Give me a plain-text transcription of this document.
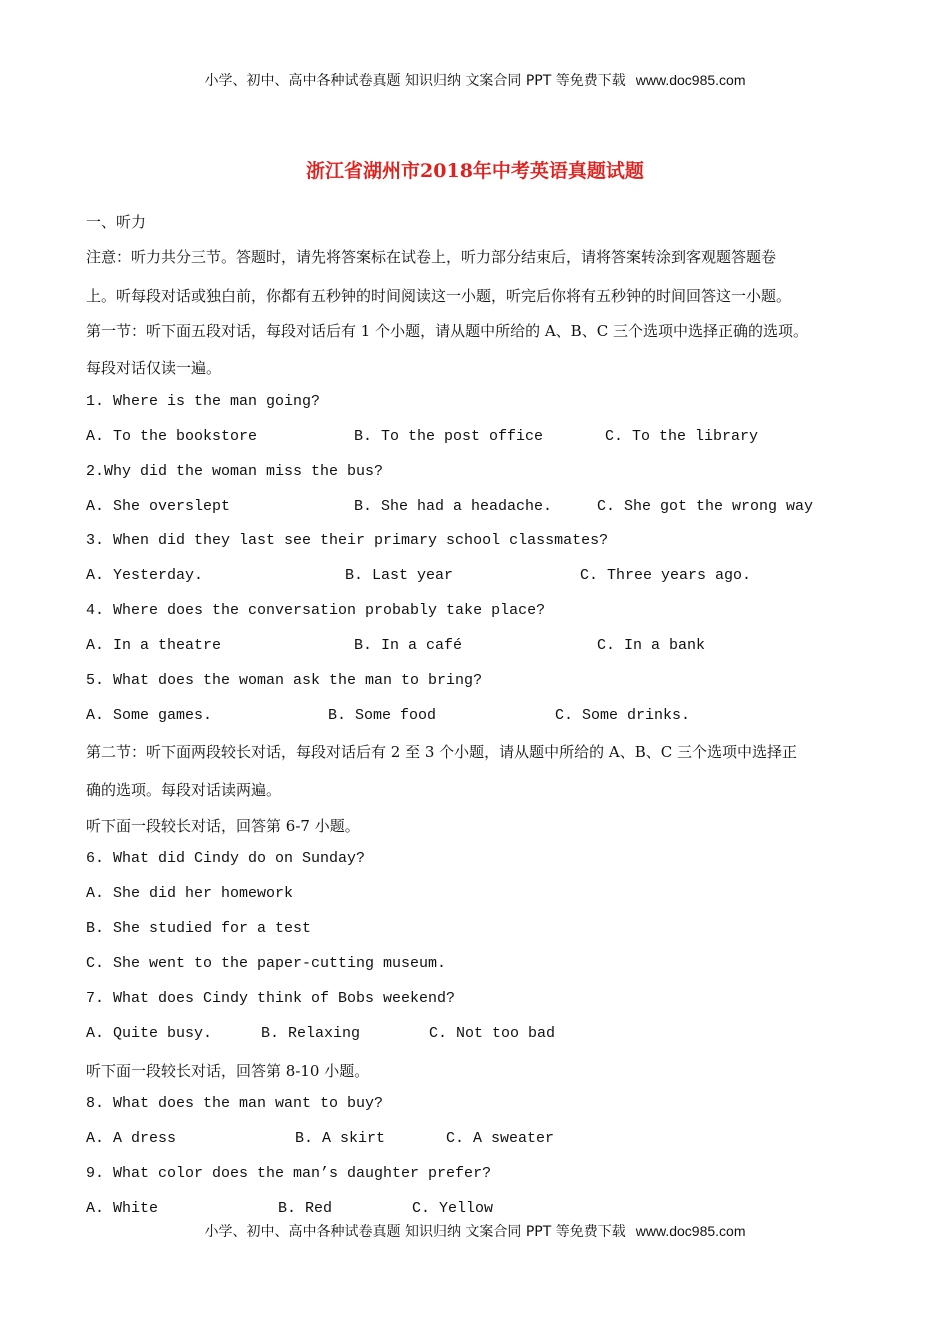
小学、初中、高中各种试卷真题 知识归纳 文案合同 PPT 等免费下载 www.doc985.com
浙江省湖州市2018年中考英语真题试题
一、听力
注意：听力共分三节。答题时，请先将答案标在试卷上，听力部分结束后，请将答案转涂到客观题答题卷
上。听每段对话或独白前，你都有五秒钟的时间阅读这一小题，听完后你将有五秒钟的时间回答这一小题。
第一节：听下面五段对话，每段对话后有 1 个小题，请从题中所给的 A、B、C 三个选项中选择正确的选项。
每段对话仅读一遍。
1. Where is the man going?
A. To the bookstore	B. To the post office	C. To the library
2.Why did the woman miss the bus?
A. She overslept	B. She had a headache.	C. She got the wrong way
3. When did they last see their primary school classmates?
A. Yesterday.	B. Last year	C. Three years ago.
4. Where does the conversation probably take place?
A. In a theatre	B. In a café	C. In a bank
5. What does the woman ask the man to bring?
A. Some games.	B. Some food	C. Some drinks.
第二节：听下面两段较长对话，每段对话后有 2 至 3 个小题，请从题中所给的 A、B、C 三个选项中选择正
确的选项。每段对话读两遍。
听下面一段较长对话，回答第 6-7 小题。
6. What did Cindy do on Sunday?
A. She did her homework
B. She studied for a test
C. She went to the paper-cutting museum.
7. What does Cindy think of Bobs weekend?
A. Quite busy.	B. Relaxing	C. Not too bad
听下面一段较长对话，回答第 8-10 小题。
8. What does the man want to buy?
A. A dress	B. A skirt	C. A sweater
9. What color does the man’s daughter prefer?
A. White	B. Red	C. Yellow
小学、初中、高中各种试卷真题 知识归纳 文案合同 PPT 等免费下载 www.doc985.com
